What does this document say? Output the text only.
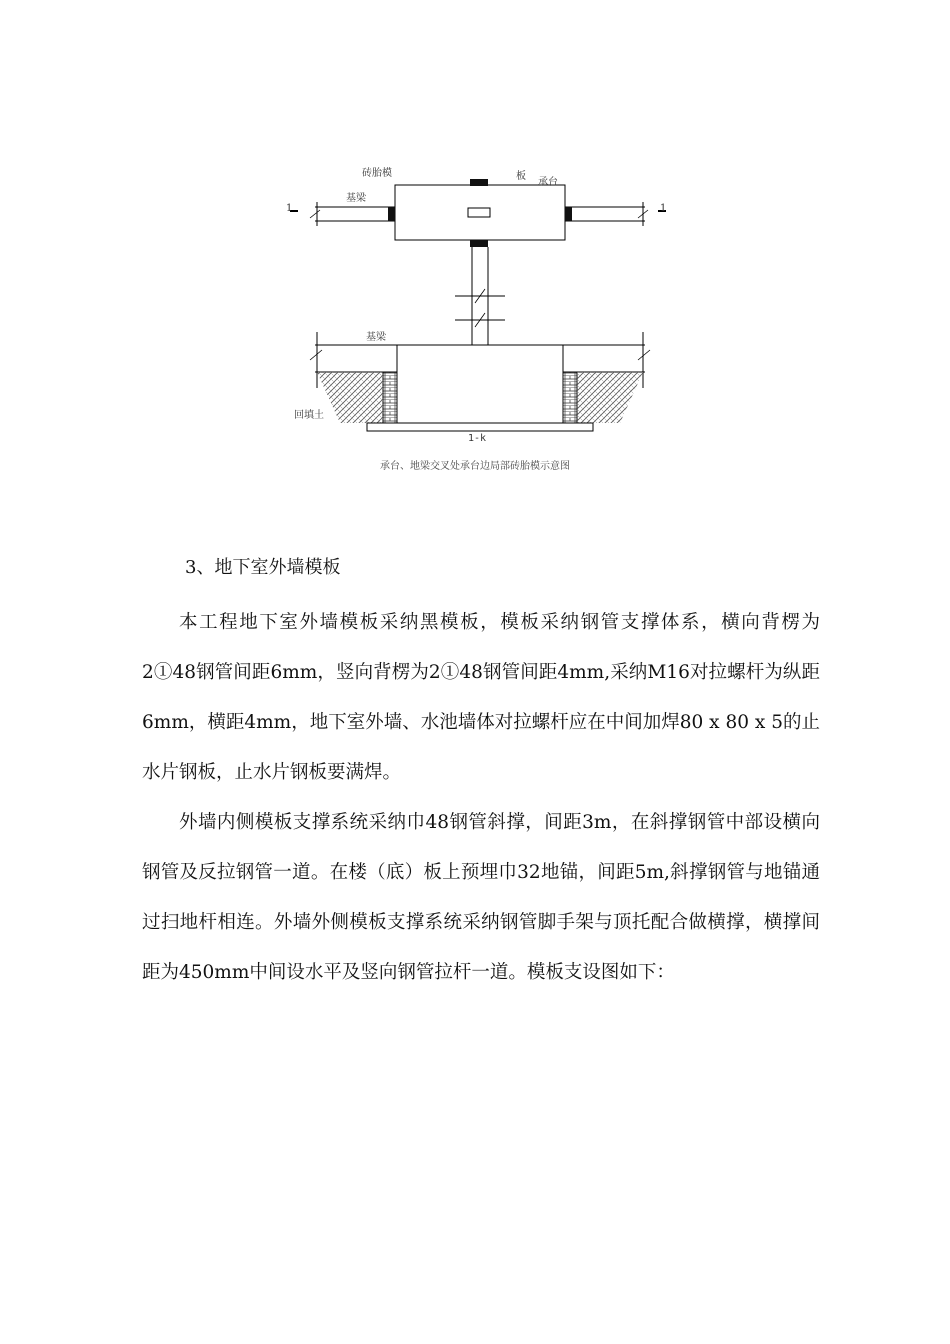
砖胎模
基梁
承台
板
1	1
基梁
回填土
1-k
承台、地梁交叉处承台边局部砖胎模示意图
3、地下室外墙模板

本工程地下室外墙模板采纳黑模板，模板采纳钢管支撑体系，横向背楞为2①48钢管间距6mm，竖向背楞为2①48钢管间距4mm,采纳M16对拉螺杆为纵距6mm，横距4mm，地下室外墙、水池墙体对拉螺杆应在中间加焊80 x 80 x 5的止水片钢板，止水片钢板要满焊。

外墙内侧模板支撑系统采纳巾48钢管斜撑，间距3m，在斜撑钢管中部设横向钢管及反拉钢管一道。在楼（底）板上预埋巾32地锚，间距5m,斜撑钢管与地锚通过扫地杆相连。外墙外侧模板支撑系统采纳钢管脚手架与顶托配合做横撑，横撑间距为450mm中间设水平及竖向钢管拉杆一道。模板支设图如下：
